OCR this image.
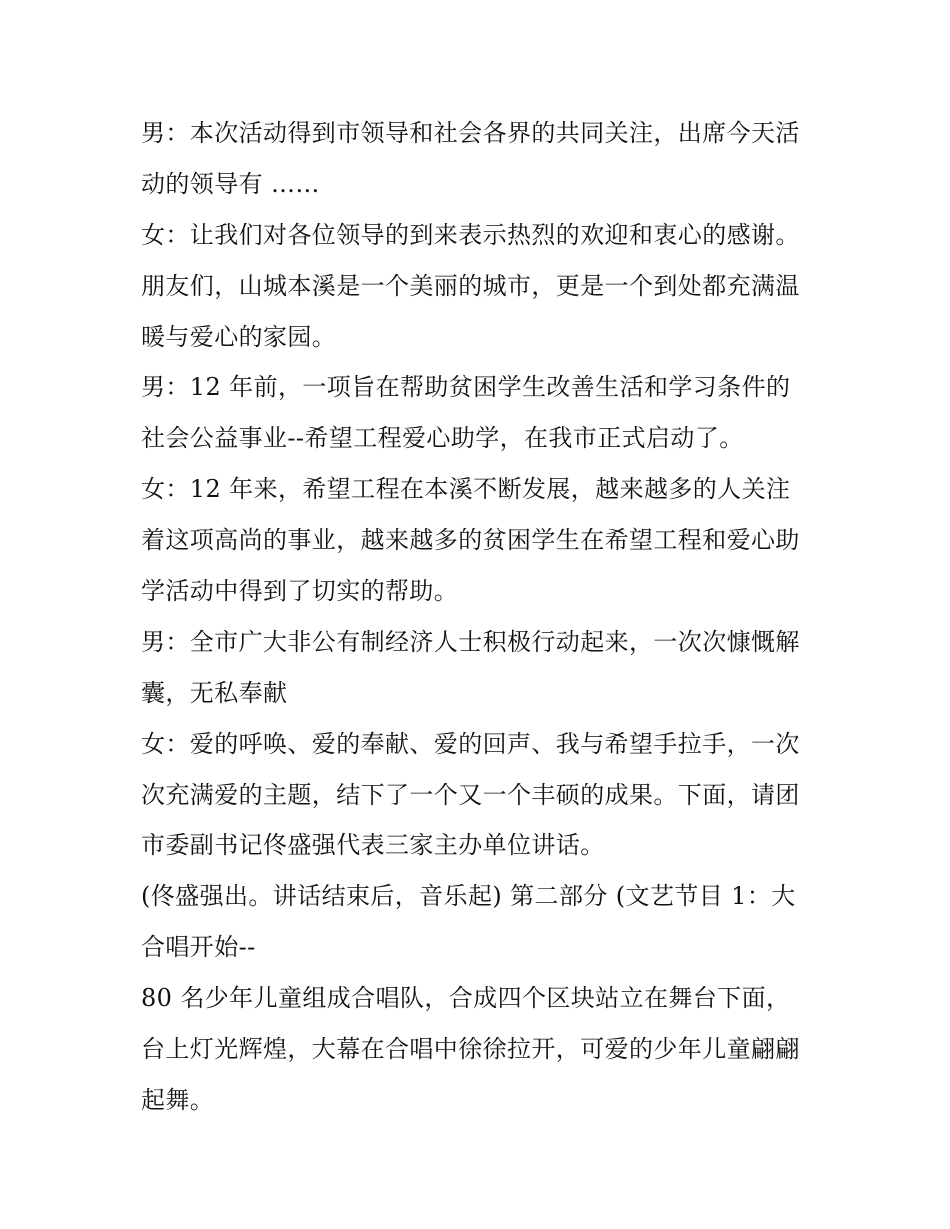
男：本次活动得到市领导和社会各界的共同关注，出席今天活
动的领导有 ……
女：让我们对各位领导的到来表示热烈的欢迎和衷心的感谢。
朋友们，山城本溪是一个美丽的城市，更是一个到处都充满温
暖与爱心的家园。
男：12 年前，一项旨在帮助贫困学生改善生活和学习条件的
社会公益事业--希望工程爱心助学，在我市正式启动了。
女：12 年来，希望工程在本溪不断发展，越来越多的人关注
着这项高尚的事业，越来越多的贫困学生在希望工程和爱心助
学活动中得到了切实的帮助。
男：全市广大非公有制经济人士积极行动起来，一次次慷慨解
囊，无私奉献
女：爱的呼唤、爱的奉献、爱的回声、我与希望手拉手，一次
次充满爱的主题，结下了一个又一个丰硕的成果。下面，请团
市委副书记佟盛强代表三家主办单位讲话。
(佟盛强出。讲话结束后，音乐起) 第二部分 (文艺节目 1：大
合唱开始--
80 名少年儿童组成合唱队，合成四个区块站立在舞台下面，
台上灯光辉煌，大幕在合唱中徐徐拉开，可爱的少年儿童翩翩
起舞。
